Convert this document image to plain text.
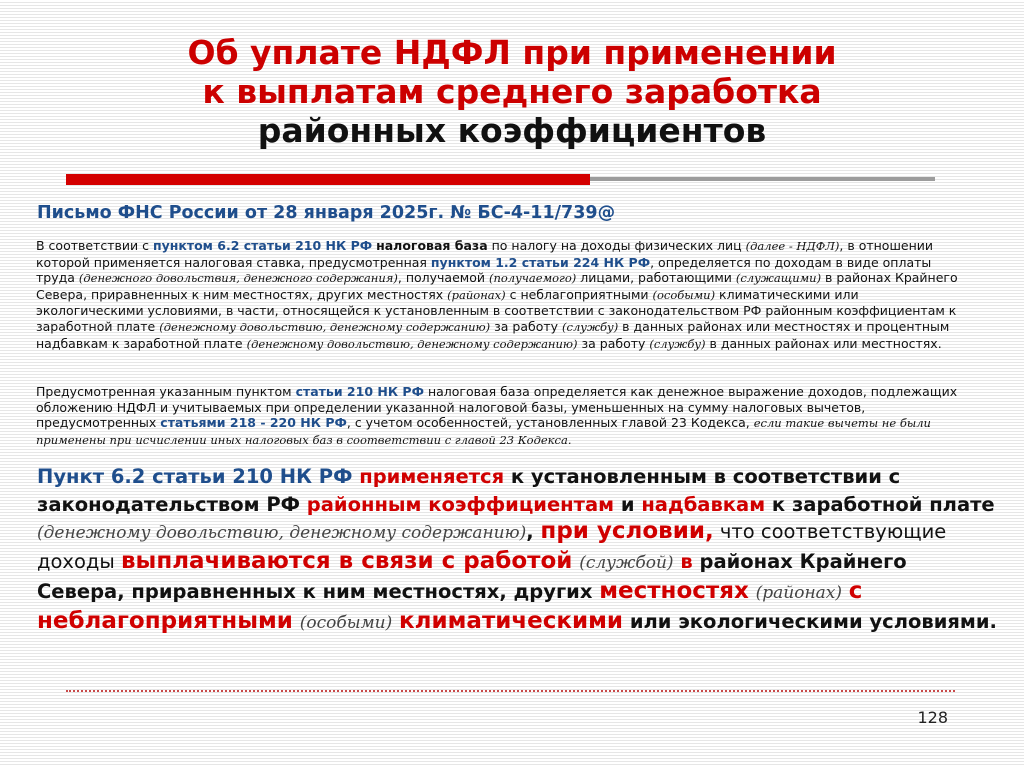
Об уплате НДФЛ при применении
к выплатам среднего заработка
районных коэффициентов
Письмо ФНС России от 28 января 2025г. № БС-4-11/739@
В соответствии с пунктом 6.2 статьи 210 НК РФ налоговая база по налогу на доходы физических лиц (далее - НДФЛ), в отношении которой применяется налоговая ставка, предусмотренная пунктом 1.2 статьи 224 НК РФ, определяется по доходам в виде оплаты труда (денежного довольствия, денежного содержания), получаемой (получаемого) лицами, работающими (служащими) в районах Крайнего Севера, приравненных к ним местностях, других местностях (районах) с неблагоприятными (особыми) климатическими или экологическими условиями, в части, относящейся к установленным в соответствии с законодательством РФ районным коэффициентам к заработной плате (денежному довольствию, денежному содержанию) за работу (службу) в данных районах или местностях и процентным надбавкам к заработной плате (денежному довольствию, денежному содержанию) за работу (службу) в данных районах или местностях.
Предусмотренная указанным пунктом статьи 210 НК РФ налоговая база определяется как денежное выражение доходов, подлежащих обложению НДФЛ и учитываемых при определении указанной налоговой базы, уменьшенных на сумму налоговых вычетов, предусмотренных статьями 218 - 220 НК РФ, с учетом особенностей, установленных главой 23 Кодекса, если такие вычеты не были применены при исчислении иных налоговых баз в соответствии с главой 23 Кодекса.
Пункт 6.2 статьи 210 НК РФ применяется к установленным в соответствии с законодательством РФ районным коэффициентам и надбавкам к заработной плате (денежному довольствию, денежному содержанию), при условии, что соответствующие доходы выплачиваются в связи с работой (службой) в районах Крайнего Севера, приравненных к ним местностях, других местностях (районах) с неблагоприятными (особыми) климатическими или экологическими условиями.
128
